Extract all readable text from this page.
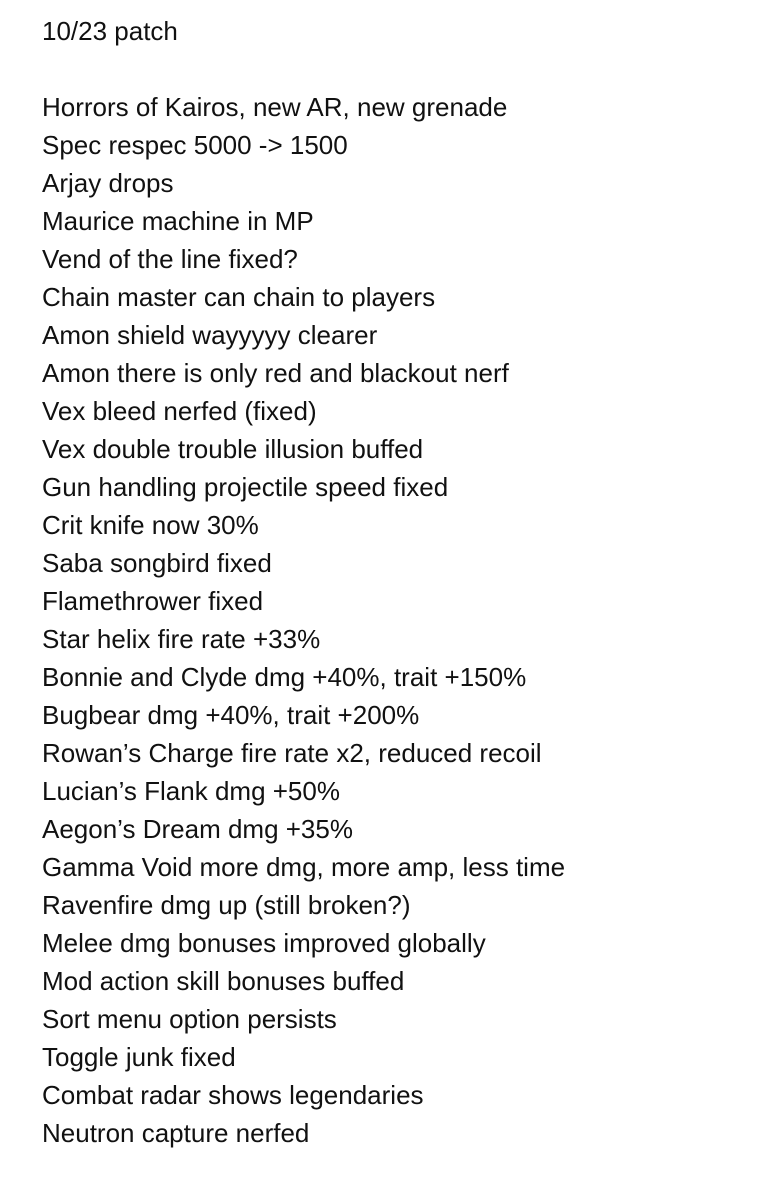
10/23 patch
Horrors of Kairos, new AR, new grenade
Spec respec 5000 -> 1500
Arjay drops
Maurice machine in MP
Vend of the line fixed?
Chain master can chain to players
Amon shield wayyyyy clearer
Amon there is only red and blackout nerf
Vex bleed nerfed (fixed)
Vex double trouble illusion buffed
Gun handling projectile speed fixed
Crit knife now 30%
Saba songbird fixed
Flamethrower fixed
Star helix fire rate +33%
Bonnie and Clyde dmg +40%, trait +150%
Bugbear dmg +40%, trait +200%
Rowan’s Charge fire rate x2, reduced recoil
Lucian’s Flank dmg +50%
Aegon’s Dream dmg +35%
Gamma Void more dmg, more amp, less time
Ravenfire dmg up (still broken?)
Melee dmg bonuses improved globally
Mod action skill bonuses buffed
Sort menu option persists
Toggle junk fixed
Combat radar shows legendaries
Neutron capture nerfed
